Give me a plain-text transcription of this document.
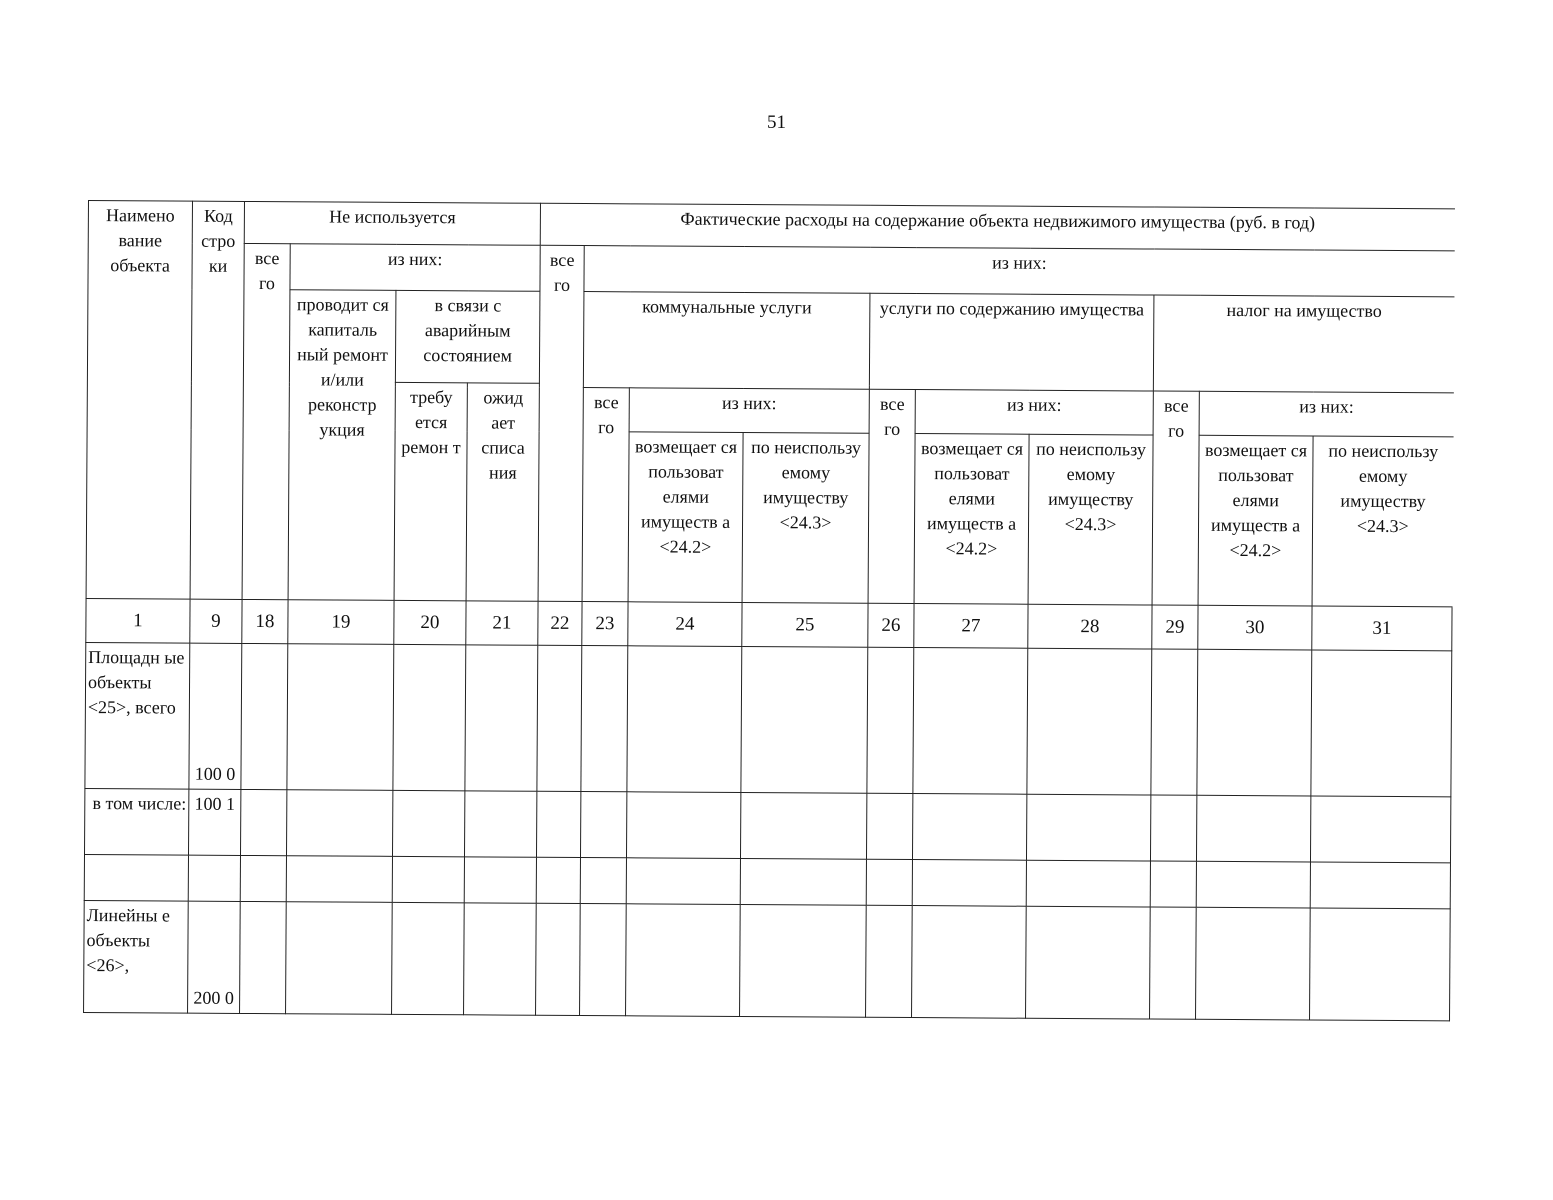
51
Наимено вание объекта	Код стро ки	Не используется				Фактические расходы на содержание объекта недвижимого имущества (руб. в год)									
		все го	из них:			все го	из них:								
			проводит ся капиталь ный ремонт и/или реконстр укция	в связи с аварийным состоянием			коммунальные услуги			услуги по содержанию имущества			налог на имущество		
				требу ется ремон т	ожид ает списа ния										
							все го	из них:		все го	из них:		все го	из них:	
								возмещает ся пользоват елями имуществ а <24.2>	по неиспользу емому имуществу <24.3>		возмещает ся пользоват елями имуществ а <24.2>	по неиспользу емому имуществу <24.3>		возмещает ся пользоват елями имуществ а <24.2>	по неиспользу емому имуществу <24.3>
1	9	18	19	20	21	22	23	24	25	26	27	28	29	30	31
Площадн ые объекты <25>, всего	100 0														
в том числе:	100 1														

Линейны е объекты <26>,	200 0														
